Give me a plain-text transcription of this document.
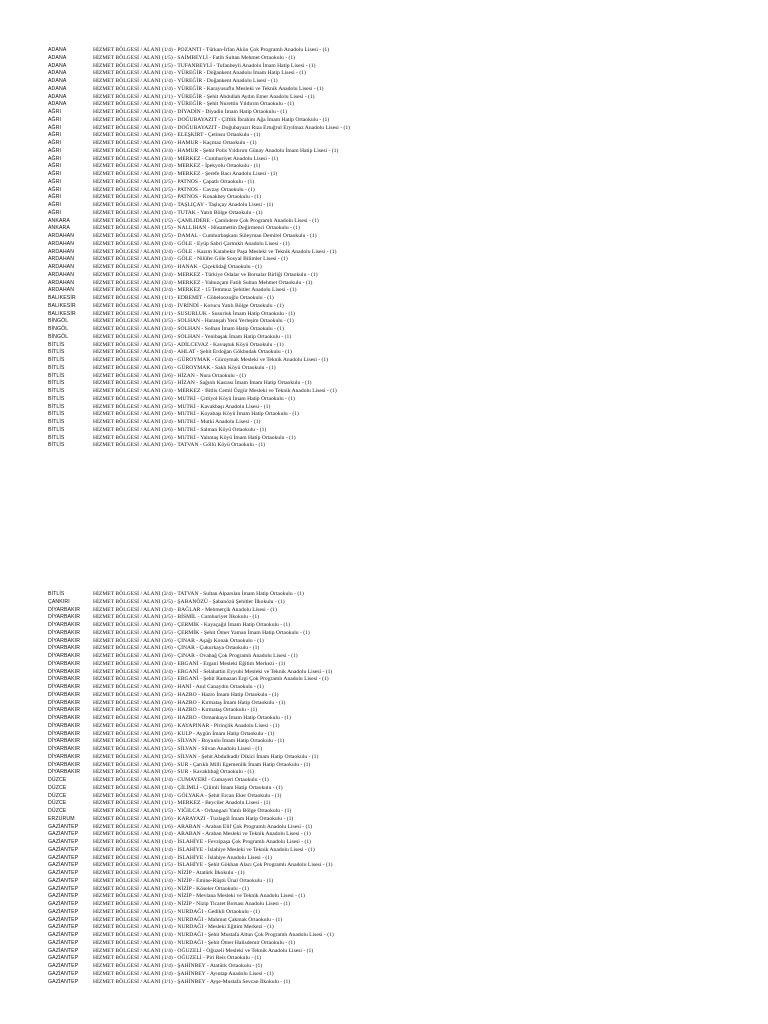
ADANA	HİZMET BÖLGESİ / ALANI (1/4) - POZANTI - Türkan-İrfan Akün Çok Programlı Anadolu Lisesi - (1)
ADANA	HİZMET BÖLGESİ / ALANI (1/5) - SAİMBEYLİ - Fatih Sultan Mehmet Ortaokulu - (1)
ADANA	HİZMET BÖLGESİ / ALANI (1/5) - TUFANBEYLİ - Tufanbeyli Anadolu İmam Hatip Lisesi - (1)
ADANA	HİZMET BÖLGESİ / ALANI (1/4) - YÜREĞİR - Doğankent Anadolu İmam Hatip Lisesi - (1)
ADANA	HİZMET BÖLGESİ / ALANI (1/4) - YÜREĞİR - Doğankent Anadolu Lisesi - (1)
ADANA	HİZMET BÖLGESİ / ALANI (1/4) - YÜREĞİR - Karayusuflu Mesleki ve Teknik Anadolu Lisesi - (1)
ADANA	HİZMET BÖLGESİ / ALANI (1/1) - YÜREĞİR - Şehit Abdullah Aydın Emer Anadolu Lisesi - (1)
ADANA	HİZMET BÖLGESİ / ALANI (1/4) - YÜREĞİR - Şehit Nurettin Yıldırım Ortaokulu - (1)
AĞRI	HİZMET BÖLGESİ / ALANI (3/4) - DİYADİN - Diyadin İmam Hatip Ortaokulu - (1)
AĞRI	HİZMET BÖLGESİ / ALANI (3/5) - DOĞUBAYAZIT - Çiftlik İbrahim Ağa İmam Hatip Ortaokulu - (1)
AĞRI	HİZMET BÖLGESİ / ALANI (3/4) - DOĞUBAYAZIT - Doğubayazıt Rıza Ertuğrul Eryılmaz Anadolu Lisesi - (1)
AĞRI	HİZMET BÖLGESİ / ALANI (3/6) - ELEŞKİRT - Çetinsu Ortaokulu - (1)
AĞRI	HİZMET BÖLGESİ / ALANI (3/6) - HAMUR - Kaçmaz Ortaokulu - (1)
AĞRI	HİZMET BÖLGESİ / ALANI (3/4) - HAMUR - Şehit Polis Yıldırım Günay Anadolu İmam Hatip Lisesi - (1)
AĞRI	HİZMET BÖLGESİ / ALANI (3/4) - MERKEZ - Cumhuriyet Anadolu Lisesi - (1)
AĞRI	HİZMET BÖLGESİ / ALANI (3/4) - MERKEZ - İpekyolu Ortaokulu - (1)
AĞRI	HİZMET BÖLGESİ / ALANI (3/4) - MERKEZ - Şerefe Bacı Anadolu Lisesi - (1)
AĞRI	HİZMET BÖLGESİ / ALANI (3/5) - PATNOS - Çapatlı Ortaokulu - (1)
AĞRI	HİZMET BÖLGESİ / ALANI (3/5) - PATNOS - Cavzay Ortaokulu - (1)
AĞRI	HİZMET BÖLGESİ / ALANI (3/5) - PATNOS - Konakbey Ortaokulu - (1)
AĞRI	HİZMET BÖLGESİ / ALANI (3/4) - TAŞLIÇAY - Taşlıçay Anadolu Lisesi - (1)
AĞRI	HİZMET BÖLGESİ / ALANI (3/4) - TUTAK - Yatılı Bölge Ortaokulu - (1)
ANKARA	HİZMET BÖLGESİ / ALANI (1/5) - ÇAMLIDERE - Çamlıdere Çok Programlı Anadolu Lisesi - (1)
ANKARA	HİZMET BÖLGESİ / ALANI (1/5) - NALLIHAN - Hüsamettin Değirmenci Ortaokulu - (1)
ARDAHAN	HİZMET BÖLGESİ / ALANI (3/5) - DAMAL - Cumhurbaşkanı Süleyman Demirel Ortaokulu - (1)
ARDAHAN	HİZMET BÖLGESİ / ALANI (3/4) - GÖLE - Eyüp Sabri Çarmıklı Anadolu Lisesi - (1)
ARDAHAN	HİZMET BÖLGESİ / ALANI (3/4) - GÖLE - Kazım Karabekir Paşa Mesleki ve Teknik Anadolu Lisesi - (1)
ARDAHAN	HİZMET BÖLGESİ / ALANI (3/4) - GÖLE - Nilüfer Göle Sosyal Bilimler Lisesi - (1)
ARDAHAN	HİZMET BÖLGESİ / ALANI (3/6) - HANAK - Çiçeklidağ Ortaokulu - (1)
ARDAHAN	HİZMET BÖLGESİ / ALANI (3/4) - MERKEZ - Türkiye Odalar ve Borsalar Birliği Ortaokulu - (1)
ARDAHAN	HİZMET BÖLGESİ / ALANI (3/4) - MERKEZ - Yalnızçam Fatih Sultan Mehmet Ortaokulu - (1)
ARDAHAN	HİZMET BÖLGESİ / ALANI (3/4) - MERKEZ - 15 Temmuz Şehitler Anadolu Lisesi - (1)
BALIKESİR	HİZMET BÖLGESİ / ALANI (1/1) - EDREMİT - Göbeloozoğlu Ortaokulu - (1)
BALIKESİR	HİZMET BÖLGESİ / ALANI (1/4) - İVRİNDİ - Korucu Yatılı Bölge Ortaokulu - (1)
BALIKESİR	HİZMET BÖLGESİ / ALANI (1/1) - SUSURLUK - Susurluk İmam Hatip Ortaokulu - (1)
BİNGÖL	HİZMET BÖLGESİ / ALANI (3/5) - SOLHAN - Haranşah Yeni Yerleşim Ortaokulu - (1)
BİNGÖL	HİZMET BÖLGESİ / ALANI (3/4) - SOLHAN - Solhan İmam Hatip Ortaokulu - (1)
BİNGÖL	HİZMET BÖLGESİ / ALANI (3/6) - SOLHAN - Yenibaşak İmam Hatip Ortaokulu - (1)
BİTLİS	HİZMET BÖLGESİ / ALANI (3/5) - ADİLCEVAZ - Kavuştuk Köyü Ortaokulu - (1)
BİTLİS	HİZMET BÖLGESİ / ALANI (3/4) - AHLAT - Şehit Erdoğan Gökbudak Ortaokulu - (1)
BİTLİS	HİZMET BÖLGESİ / ALANI (3/4) - GÜROYMAK - Güroymak Mesleki ve Teknik Anadolu Lisesi - (1)
BİTLİS	HİZMET BÖLGESİ / ALANI (3/6) - GÜROYMAK - Saklı Köyü Ortaokulu - (1)
BİTLİS	HİZMET BÖLGESİ / ALANI (3/6) - HİZAN - Nura Ortaokulu - (1)
BİTLİS	HİZMET BÖLGESİ / ALANI (3/5) - HİZAN - Sağınlı Kasrası İmam İmam Hatip Ortaokulu - (1)
BİTLİS	HİZMET BÖLGESİ / ALANI (3/4) - MERKEZ - Bitlis Cemil Özgür Mesleki ve Teknik Anadolu Lisesi - (1)
BİTLİS	HİZMET BÖLGESİ / ALANI (3/6) - MUTKİ - Çitliyol Köyü İmam Hatip Ortaokulu - (1)
BİTLİS	HİZMET BÖLGESİ / ALANI (3/5) - MUTKİ - Kavakbaşı Anadolu Lisesi - (1)
BİTLİS	HİZMET BÖLGESİ / ALANI (3/6) - MUTKİ - Koyabaşı Köyü İmam Hatip Ortaokulu - (1)
BİTLİS	HİZMET BÖLGESİ / ALANI (3/4) - MUTKİ - Mutki Anadolu Lisesi - (1)
BİTLİS	HİZMET BÖLGESİ / ALANI (3/6) - MUTKİ - Salman Köyü Ortaokulu - (1)
BİTLİS	HİZMET BÖLGESİ / ALANI (3/6) - MUTKİ - Yalıntaş Köyü İmam Hatip Ortaokulu - (1)
BİTLİS	HİZMET BÖLGESİ / ALANI (3/6) - TATVAN - Göllü Köyü Ortaokulu - (1)
BİTLİS	HİZMET BÖLGESİ / ALANI (3/4) - TATVAN - Sultan Alparslan İmam Hatip Ortaokulu - (1)
ÇANKIRI	HİZMET BÖLGESİ / ALANI (2/5) - ŞABANÖZÜ - Şabanözü Şehitler İlkokulu - (1)
DİYARBAKIR HİZMET BÖLGESİ / ALANI (3/4) - BAĞLAR - Mehmetçik Anadolu Lisesi - (1)
DİYARBAKIR HİZMET BÖLGESİ / ALANI (3/5) - BİSMİL - Cumhuriyet İlkokulu - (1)
DİYARBAKIR HİZMET BÖLGESİ / ALANI (3/6) - ÇERMİK - Kayaçağıl İmam Hatip Ortaokulu - (1)
DİYARBAKIR HİZMET BÖLGESİ / ALANI (3/5) - ÇERMİK - Şehit Ömer Yaman İmam Hatip Ortaokulu - (1)
DİYARBAKIR HİZMET BÖLGESİ / ALANI (3/6) - ÇINAR - Aşağı Konak Ortaokulu - (1)
DİYARBAKIR HİZMET BÖLGESİ / ALANI (3/6) - ÇINAR - Çukurkaya Ortaokulu - (1)
DİYARBAKIR HİZMET BÖLGESİ / ALANI (3/6) - ÇINAR - Ovabağ Çok Programlı Anadolu Lisesi - (1)
DİYARBAKIR HİZMET BÖLGESİ / ALANI (3/4) - ERGANİ - Ergani Mesleki Eğitim Merkezi - (1)
DİYARBAKIR HİZMET BÖLGESİ / ALANI (3/4) - ERGANİ - Selahattin Eyyubi Mesleki ve Teknik Anadolu Lisesi - (1)
DİYARBAKIR HİZMET BÖLGESİ / ALANI (3/5) - ERGANİ - Şehit Ramazan Ergi Çok Programlı Anadolu Lisesi - (1)
DİYARBAKIR HİZMET BÖLGESİ / ALANI (3/6) - HANİ - Anıl Canaydın Ortaokulu - (1)
DİYARBAKIR HİZMET BÖLGESİ / ALANI (3/5) - HAZRO - Hazro İmam Hatip Ortaokulu - (1)
DİYARBAKIR HİZMET BÖLGESİ / ALANI (3/6) - HAZRO - Kırmataş İmam Hatip Ortaokulu - (1)
DİYARBAKIR HİZMET BÖLGESİ / ALANI (3/6) - HAZRO - Kırmataş Ortaokulu - (1)
DİYARBAKIR HİZMET BÖLGESİ / ALANI (3/6) - HAZRO - Ormankaya İmam Hatip Ortaokulu - (1)
DİYARBAKIR HİZMET BÖLGESİ / ALANI (3/6) - KAYAPINAR - Pirinçlik Anadolu Lisesi - (1)
DİYARBAKIR HİZMET BÖLGESİ / ALANI (3/6) - KULP - Aygün İmam Hatip Ortaokulu - (1)
DİYARBAKIR HİZMET BÖLGESİ / ALANI (3/6) - SİLVAN - Boyunlu İmam Hatip Ortaokulu - (1)
DİYARBAKIR HİZMET BÖLGESİ / ALANI (3/5) - SİLVAN - Silvan Anadolu Lisesi - (1)
DİYARBAKIR HİZMET BÖLGESİ / ALANI (3/5) - SİLVAN - Şehit Abdulkadir Dikici İmam Hatip Ortaokulu - (1)
DİYARBAKIR HİZMET BÖLGESİ / ALANI (3/6) - SUR - Çarıklı Milli Egemenlik İmam Hatip Ortaokulu - (1)
DİYARBAKIR HİZMET BÖLGESİ / ALANI (3/6) - SUR - Kavaklıbağ Ortaokulu - (1)
DÜZCE	HİZMET BÖLGESİ / ALANI (1/4) - CUMAYERİ - Cumayeri Ortaokulu - (1)
DÜZCE	HİZMET BÖLGESİ / ALANI (1/4) - ÇİLİMLİ - Çilimli İmam Hatip Ortaokulu - (1)
DÜZCE	HİZMET BÖLGESİ / ALANI (1/4) - GÖLYAKA - Şehit Ercan Eker Ortaokulu - (1)
DÜZCE	HİZMET BÖLGESİ / ALANI (1/1) - MERKEZ - Beyciler Anadolu Lisesi - (1)
DÜZCE	HİZMET BÖLGESİ / ALANI (1/5) - YIĞILCA - Orhangazi Yatılı Bölge Ortaokulu - (1)
ERZURUM	HİZMET BÖLGESİ / ALANI (3/6) - KARAYAZI - Tuzlagöl İmam Hatip Ortaokulu - (1)
GAZİANTEP	HİZMET BÖLGESİ / ALANI (1/6) - ARABAN - Araban Elif Çok Programlı Anadolu Lisesi - (1)
GAZİANTEP	HİZMET BÖLGESİ / ALANI (1/4) - ARABAN - Araban Mesleki ve Teknik Anadolu Lisesi - (1)
GAZİANTEP	HİZMET BÖLGESİ / ALANI (1/4) - İSLAHİYE - Fevzipaşa Çok Programlı Anadolu Lisesi - (1)
GAZİANTEP	HİZMET BÖLGESİ / ALANI (1/4) - İSLAHİYE - İslahiye Mesleki ve Teknik Anadolu Lisesi - (1)
GAZİANTEP	HİZMET BÖLGESİ / ALANI (1/4) - İSLAHİYE - İslahiye Anadolu Lisesi - (1)
GAZİANTEP	HİZMET BÖLGESİ / ALANI (1/5) - İSLAHİYE - Şehit Gökhan Alacı Çok Programlı Anadolu Lisesi - (1)
GAZİANTEP	HİZMET BÖLGESİ / ALANI (1/5) - NİZİP - Atatürk İlkokulu - (1)
GAZİANTEP	HİZMET BÖLGESİ / ALANI (1/4) - NİZİP - Emine-Rüştü Ünal Ortaokulu - (1)
GAZİANTEP	HİZMET BÖLGESİ / ALANI (1/6) - NİZİP - Köseler Ortaokulu - (1)
GAZİANTEP	HİZMET BÖLGESİ / ALANI (1/4) - NİZİP - Mevlana Mesleki ve Teknik Anadolu Lisesi - (1)
GAZİANTEP	HİZMET BÖLGESİ / ALANI (1/4) - NİZİP - Nizip Ticaret Borsası Anadolu Lisesi - (1)
GAZİANTEP	HİZMET BÖLGESİ / ALANI (1/5) - NURDAĞI - Gedikli Ortaokulu - (1)
GAZİANTEP	HİZMET BÖLGESİ / ALANI (1/5) - NURDAĞI - Mahmut Çakmak Ortaokulu - (1)
GAZİANTEP	HİZMET BÖLGESİ / ALANI (1/4) - NURDAĞI - Mesleki Eğitim Merkezi - (1)
GAZİANTEP	HİZMET BÖLGESİ / ALANI (1/4) - NURDAĞI - Şehit Mustafa Altun Çok Programlı Anadolu Lisesi - (1)
GAZİANTEP	HİZMET BÖLGESİ / ALANI (1/4) - NURDAĞI - Şehit Ömer Halisdemir Ortaokulu - (1)
GAZİANTEP	HİZMET BÖLGESİ / ALANI (1/4) - OĞUZELİ - Oğuzeli Mesleki ve Teknik Anadolu Lisesi - (1)
GAZİANTEP	HİZMET BÖLGESİ / ALANI (1/4) - OĞUZELİ - Piri Reis Ortaokulu - (1)
GAZİANTEP	HİZMET BÖLGESİ / ALANI (1/4) - ŞAHİNBEY - Atatürk Ortaokulu - (1)
GAZİANTEP	HİZMET BÖLGESİ / ALANI (1/4) - ŞAHİNBEY - Ayıntap Anadolu Lisesi - (1)
GAZİANTEP	HİZMET BÖLGESİ / ALANI (1/1) - ŞAHİNBEY - Ayşe-Mustafa Sevcan İlkokulu - (1)
